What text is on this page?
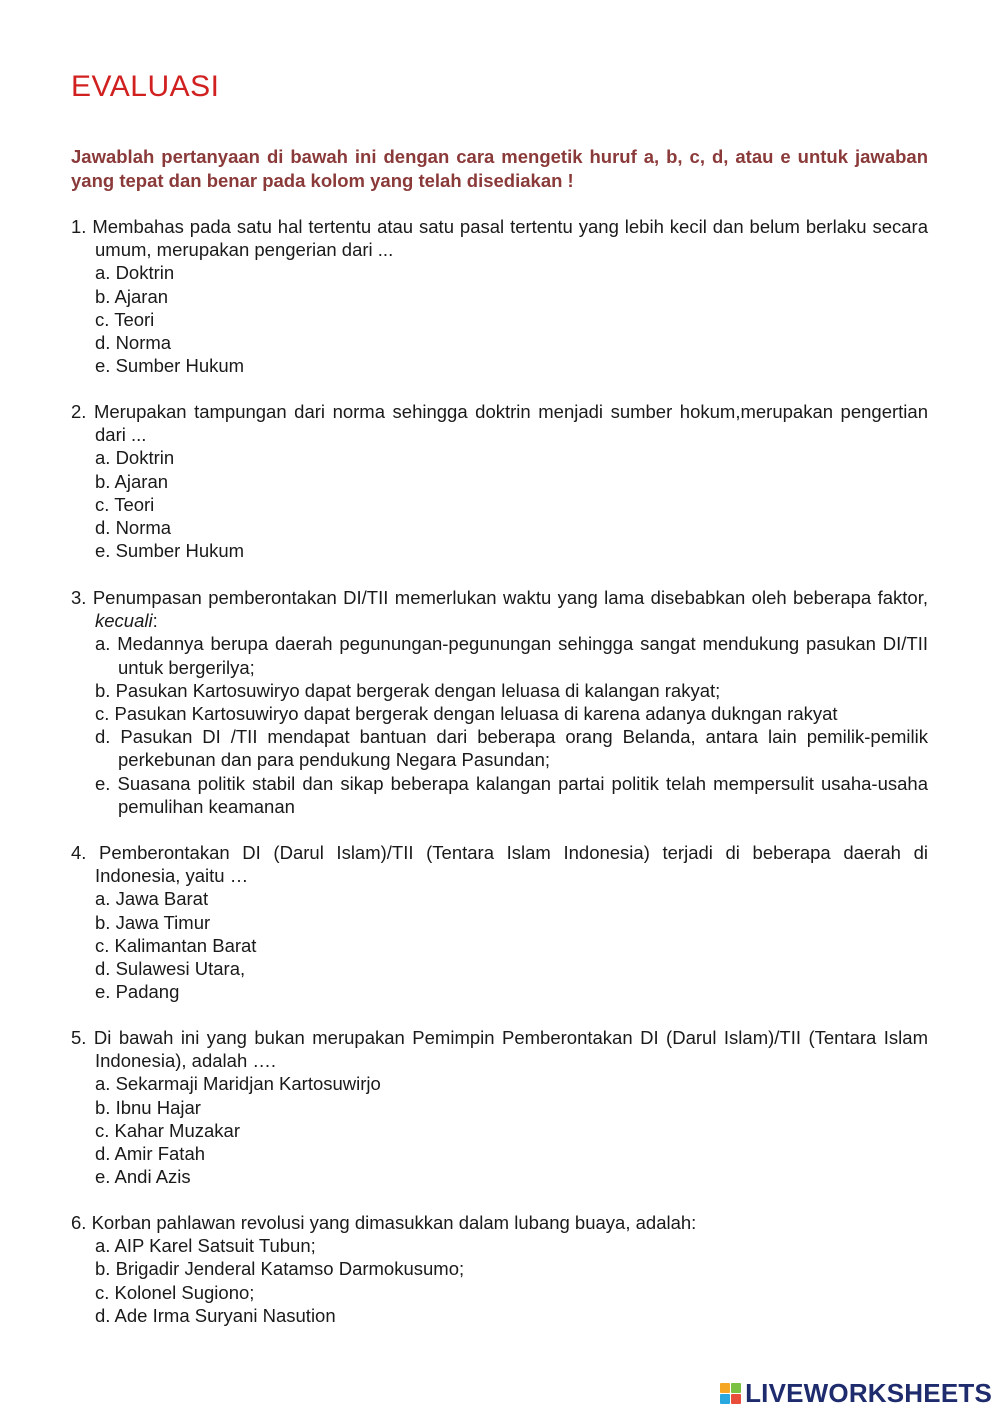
EVALUASI
Jawablah pertanyaan di bawah ini dengan cara mengetik huruf a, b, c, d, atau e untuk jawaban yang tepat dan benar pada kolom yang telah disediakan !
1. Membahas pada satu hal tertentu atau satu pasal tertentu yang lebih kecil dan belum berlaku secara umum, merupakan pengerian dari ...
a. Doktrin
b. Ajaran
c. Teori
d. Norma
e. Sumber Hukum
2. Merupakan tampungan dari norma sehingga doktrin menjadi sumber hokum,merupakan pengertian dari ...
a. Doktrin
b. Ajaran
c. Teori
d. Norma
e. Sumber Hukum
3. Penumpasan pemberontakan DI/TII memerlukan waktu yang lama disebabkan oleh beberapa faktor, kecuali:
a. Medannya berupa daerah pegunungan-pegunungan sehingga sangat mendukung pasukan DI/TII untuk bergerilya;
b. Pasukan Kartosuwiryo dapat bergerak dengan leluasa di kalangan rakyat;
c. Pasukan Kartosuwiryo dapat bergerak dengan leluasa di karena adanya dukngan rakyat
d. Pasukan DI /TII mendapat bantuan dari beberapa orang Belanda, antara lain pemilik-pemilik perkebunan dan para pendukung Negara Pasundan;
e. Suasana politik stabil dan sikap beberapa kalangan partai politik telah mempersulit usaha-usaha pemulihan keamanan
4. Pemberontakan DI (Darul Islam)/TII (Tentara Islam Indonesia) terjadi di beberapa daerah di Indonesia, yaitu …
a. Jawa Barat
b. Jawa Timur
c. Kalimantan Barat
d. Sulawesi Utara,
e. Padang
5. Di bawah ini yang bukan merupakan Pemimpin Pemberontakan DI (Darul Islam)/TII (Tentara Islam Indonesia), adalah ….
a. Sekarmaji Maridjan Kartosuwirjo
b. Ibnu Hajar
c. Kahar Muzakar
d. Amir Fatah
e. Andi Azis
6. Korban pahlawan revolusi yang dimasukkan dalam lubang buaya, adalah:
a. AIP Karel Satsuit Tubun;
b. Brigadir Jenderal Katamso Darmokusumo;
c. Kolonel Sugiono;
d. Ade Irma Suryani Nasution
LIVEWORKSHEETS
